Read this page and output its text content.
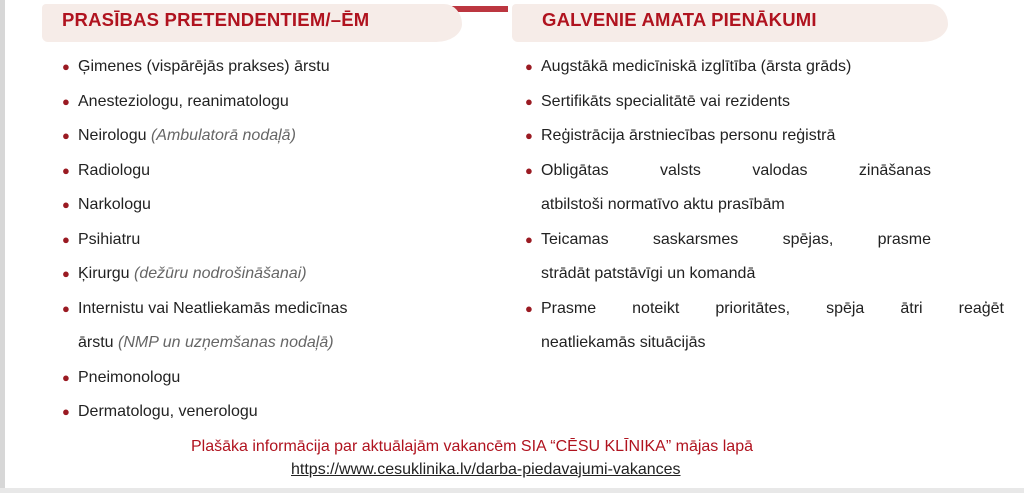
PRASĪBAS PRETENDENTIEM/–ĒM	GALVENIE AMATA PIENĀKUMI
● Ģimenes (vispārējās prakses) ārstu
● Anesteziologu, reanimatologu
● Neirologu (Ambulatorā nodaļā)
● Radiologu
● Narkologu
● Psihiatru
● Ķirurgu (dežūru nodrošināšanai)
● Internistu vai Neatliekamās medicīnas
ārstu (NMP un uzņemšanas nodaļā)
● Pneimonologu
● Dermatologu, venerologu
● Augstākā medicīniskā izglītība (ārsta grāds)
● Sertifikāts specialitātē vai rezidents
● Reģistrācija ārstniecības personu reģistrā
● Obligātas	valsts	valodas	zināšanas
atbilstoši normatīvo aktu prasībām
● Teicamas	saskarsmes	spējas,	prasme
strādāt patstāvīgi un komandā
● Prasme noteikt prioritātes, spēja ātri reaģēt
neatliekamās situācijās
Plašāka informācija par aktuālajām vakancēm SIA “CĒSU KLĪNIKA” mājas lapā
https://www.cesuklinika.lv/darba-piedavajumi-vakances
